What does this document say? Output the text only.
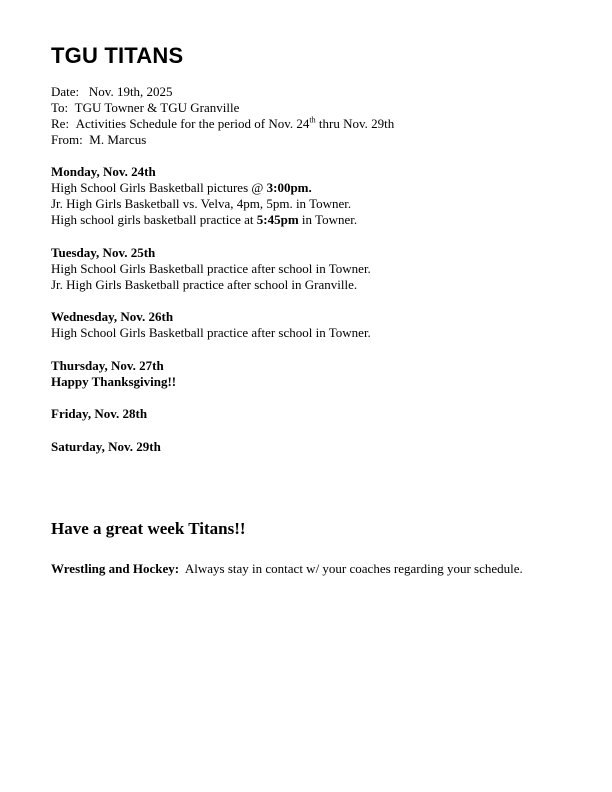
TGU TITANS
Date: Nov. 19th, 2025
To: TGU Towner & TGU Granville
Re: Activities Schedule for the period of Nov. 24th thru Nov. 29th
From: M. Marcus
Monday, Nov. 24th
High School Girls Basketball pictures @ 3:00pm.
Jr. High Girls Basketball vs. Velva, 4pm, 5pm. in Towner.
High school girls basketball practice at 5:45pm in Towner.
Tuesday, Nov. 25th
High School Girls Basketball practice after school in Towner.
Jr. High Girls Basketball practice after school in Granville.
Wednesday, Nov. 26th
High School Girls Basketball practice after school in Towner.
Thursday, Nov. 27th
Happy Thanksgiving!!
Friday, Nov. 28th
Saturday, Nov. 29th
Have a great week Titans!!
Wrestling and Hockey:  Always stay in contact w/ your coaches regarding your schedule.
